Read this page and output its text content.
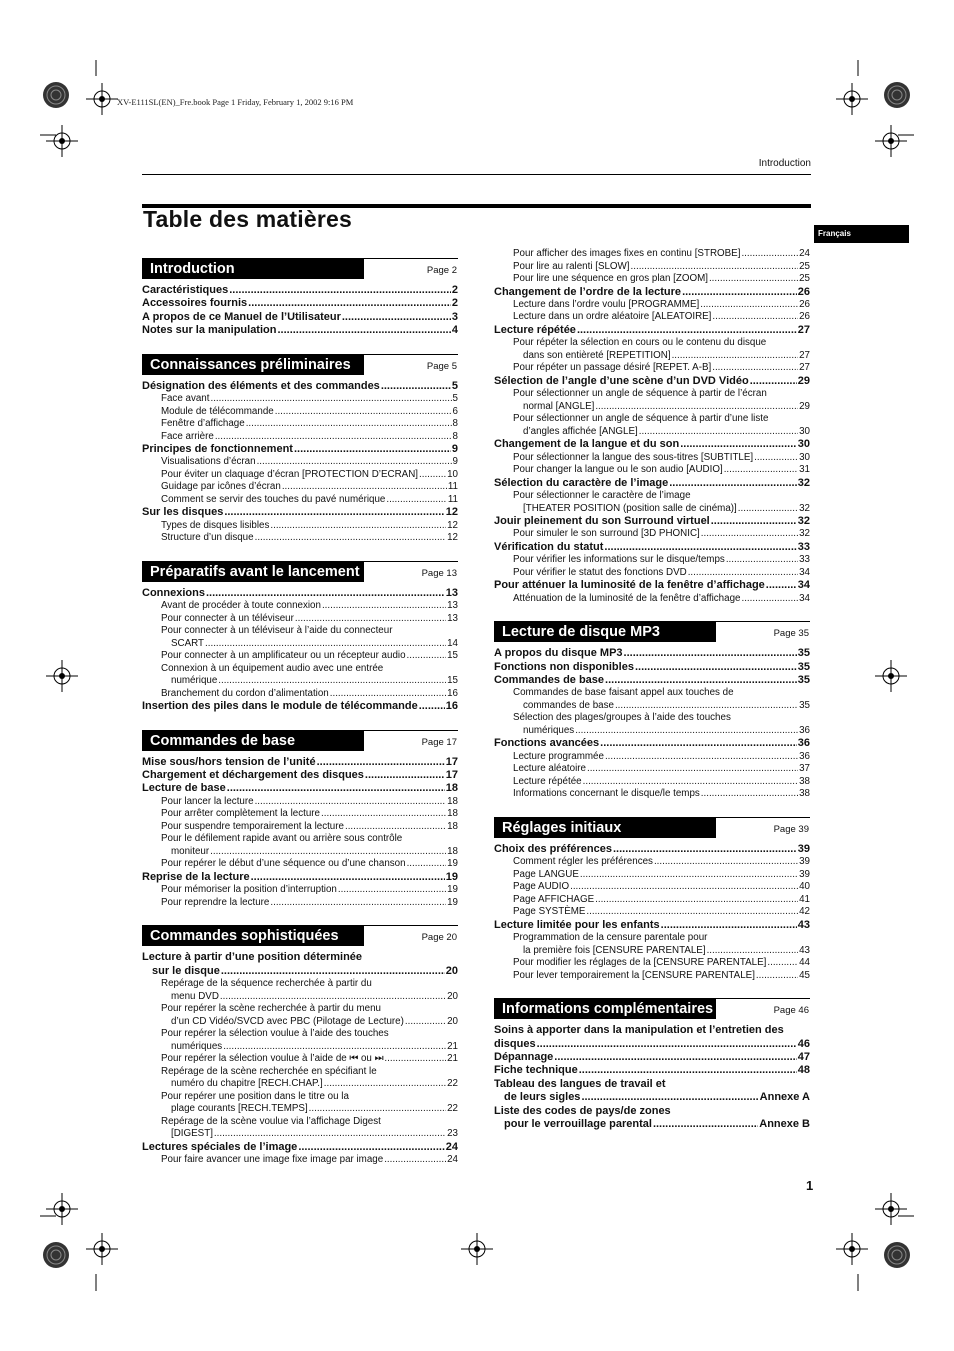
XV-E111SL(EN)_Fre.book Page 1 Friday, February 1, 2002 9:16 PM
Introduction
Table des matières
Français
Introduction	Page 2
Caractéristiques .....	2
Accessoires fournis .....	2
A propos de ce Manuel de l’Utilisateur .....	3
Notes sur la manipulation .....	4
Connaissances préliminaires	Page 5
Désignation des éléments et des commandes .....	5
Face avant .....	5
Module de télécommande .....	6
Fenêtre d’affichage .....	8
Face arrière .....	8
Principes de fonctionnement .....	9
Visualisations d’écran .....	9
Pour éviter un claquage d’écran [PROTECTION D’ECRAN] .....	10
Guidage par icônes d’écran .....	11
Comment se servir des touches du pavé numérique .....	11
Sur les disques .....	12
Types de disques lisibles .....	12
Structure d’un disque .....	12
Préparatifs avant le lancement	Page 13
Connexions .....	13
Avant de procéder à toute connexion .....	13
Pour connecter à un téléviseur .....	13
Pour connecter à un téléviseur à l’aide du connecteur
SCART .....	14
Pour connecter à un amplificateur ou un récepteur audio .....	15
Connexion à un équipement audio avec une entrée
numérique .....	15
Branchement du cordon d’alimentation .....	16
Insertion des piles dans le module de télécommande .....	16
Commandes de base	Page 17
Mise sous/hors tension de l’unité .....	17
Chargement et déchargement des disques .....	17
Lecture de base .....	18
Pour lancer la lecture .....	18
Pour arrêter complètement la lecture .....	18
Pour suspendre temporairement la lecture .....	18
Pour le défilement rapide avant ou arrière sous contrôle
moniteur .....	18
Pour repérer le début d’une séquence ou d’une chanson .....	19
Reprise de la lecture .....	19
Pour mémoriser la position d’interruption .....	19
Pour reprendre la lecture .....	19
Commandes sophistiquées	Page 20
Lecture à partir d’une position déterminée
sur le disque .....	20
Repérage de la séquence recherchée à partir du
menu DVD .....	20
Pour repérer la scène recherchée à partir du menu
d’un CD Vidéo/SVCD avec PBC (Pilotage de Lecture) .....	20
Pour repérer la sélection voulue à l’aide des touches
numériques .....	21
Pour repérer la sélection voulue à l’aide de ⏮ ou ⏭ .....	21
Repérage de la scène recherchée en spécifiant le
numéro du chapitre [RECH.CHAP.] .....	22
Pour repérer une position dans le titre ou la
plage courants [RECH.TEMPS] .....	22
Repérage de la scène voulue via l’affichage Digest
[DIGEST] .....	23
Lectures spéciales de l’image .....	24
Pour faire avancer une image fixe image par image .....	24
Pour afficher des images fixes en continu [STROBE] .....	24
Pour lire au ralenti [SLOW] .....	25
Pour lire une séquence en gros plan [ZOOM] .....	25
Changement de l’ordre de la lecture .....	26
Lecture dans l’ordre voulu [PROGRAMME] .....	26
Lecture dans un ordre aléatoire [ALEATOIRE] .....	26
Lecture répétée .....	27
Pour répéter la sélection en cours ou le contenu du disque
dans son entièreté [REPETITION] .....	27
Pour répéter un passage désiré [REPET. A-B] .....	27
Sélection de l’angle d’une scène d’un DVD Vidéo .....	29
Pour sélectionner un angle de séquence à partir de l’écran
normal [ANGLE] .....	29
Pour sélectionner un angle de séquence à partir d’une liste
d’angles affichée [ANGLE] .....	30
Changement de la langue et du son .....	30
Pour sélectionner la langue des sous-titres [SUBTITLE] .....	30
Pour changer la langue ou le son audio [AUDIO] .....	31
Sélection du caractère de l’image .....	32
Pour sélectionner le caractère de l’image
[THEATER POSITION (position salle de cinéma)] .....	32
Jouir pleinement du son Surround virtuel .....	32
Pour simuler le son surround [3D PHONIC] .....	32
Vérification du statut .....	33
Pour vérifier les informations sur le disque/temps .....	33
Pour vérifier le statut des fonctions DVD .....	34
Pour atténuer la luminosité de la fenêtre d’affichage .....	34
Atténuation de la luminosité de la fenêtre d’affichage .....	34
Lecture de disque MP3	Page 35
A propos du disque MP3 .....	35
Fonctions non disponibles .....	35
Commandes de base .....	35
Commandes de base faisant appel aux touches de
commandes de base .....	35
Sélection des plages/groupes à l’aide des touches
numériques .....	36
Fonctions avancées .....	36
Lecture programmée .....	36
Lecture aléatoire .....	37
Lecture répétée .....	38
Informations concernant le disque/le temps .....	38
Réglages initiaux	Page 39
Choix des préférences .....	39
Comment régler les préférences .....	39
Page LANGUE .....	39
Page AUDIO .....	40
Page AFFICHAGE .....	41
Page SYSTÈME .....	42
Lecture limitée pour les enfants .....	43
Programmation de la censure parentale pour
la première fois [CENSURE PARENTALE] .....	43
Pour modifier les réglages de la [CENSURE PARENTALE] .....	44
Pour lever temporairement la [CENSURE PARENTALE] .....	45
Informations complémentaires	Page 46
Soins à apporter dans la manipulation et l’entretien des
disques .....	46
Dépannage .....	47
Fiche technique .....	48
Tableau des langues de travail et
de leurs sigles .....	Annexe A
Liste des codes de pays/de zones
pour le verrouillage parental .....	Annexe B
1
